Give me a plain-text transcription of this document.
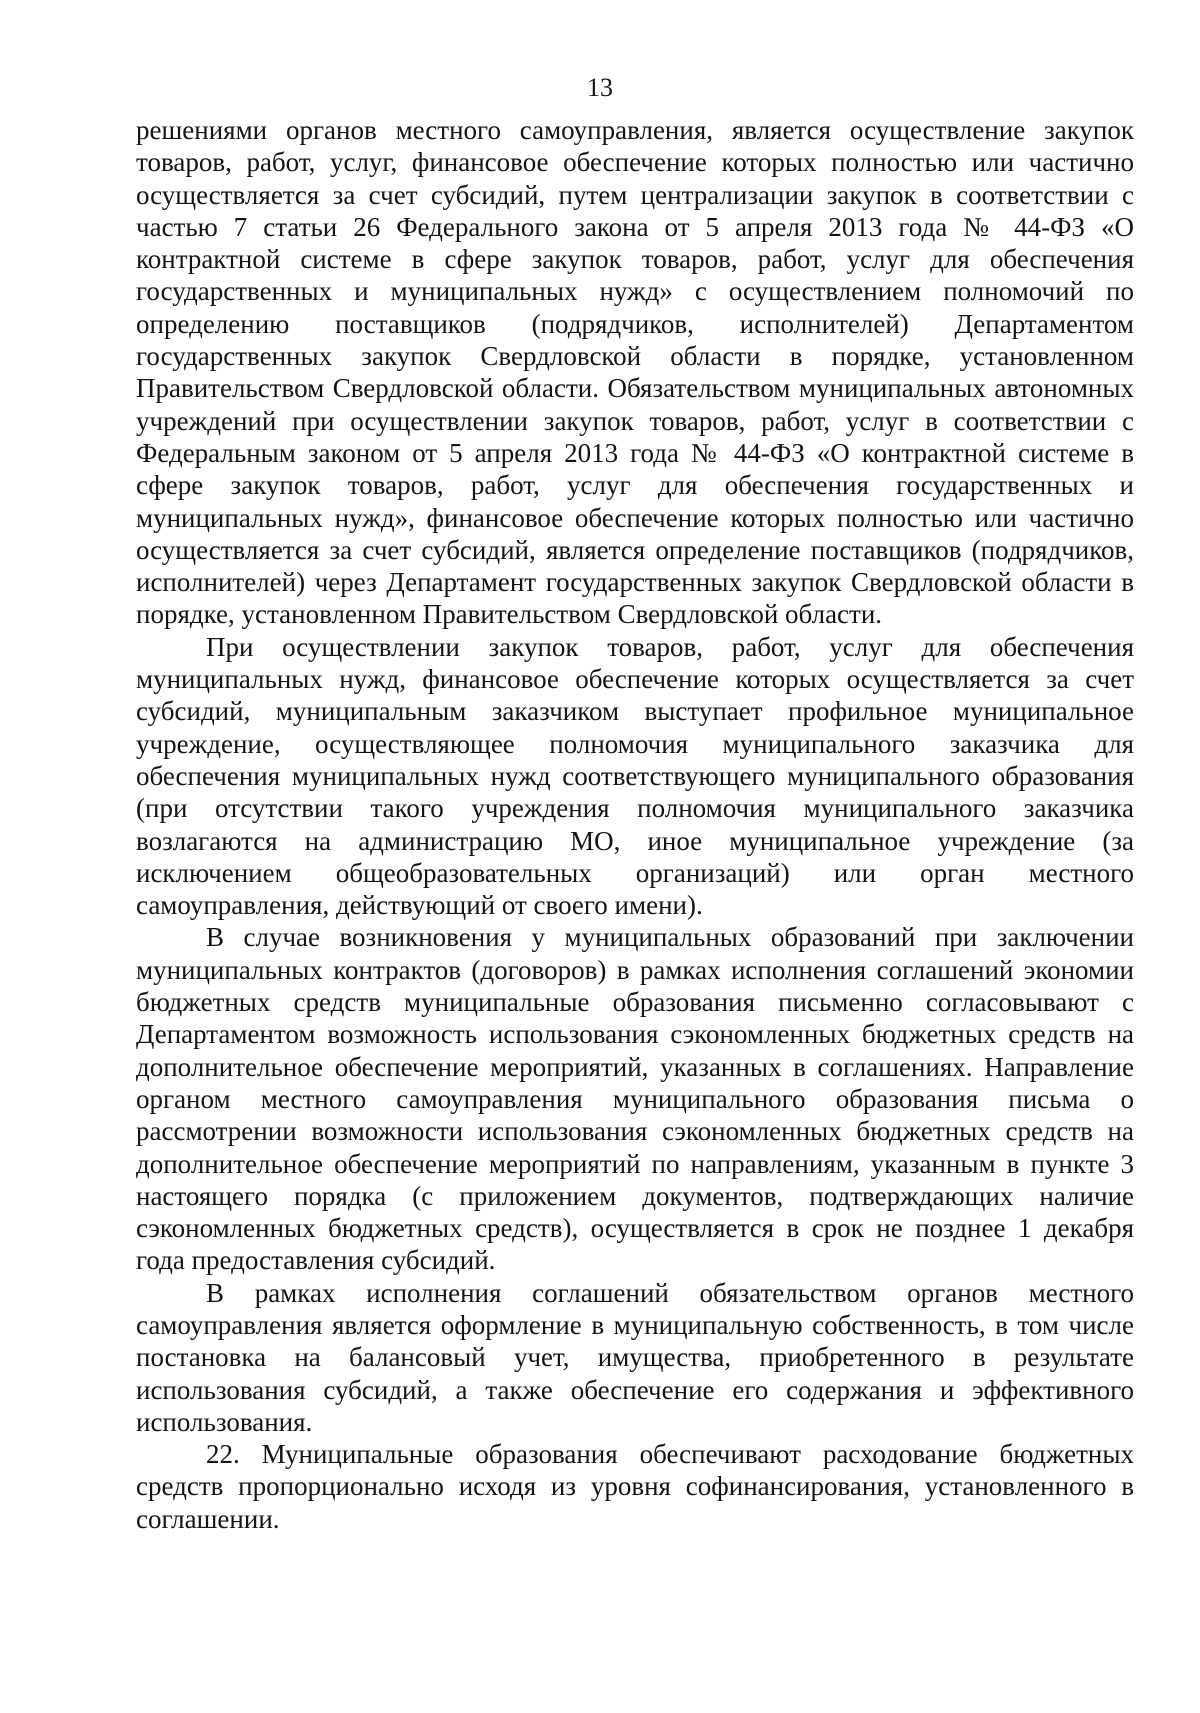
13

решениями органов местного самоуправления, является осуществление закупок товаров, работ, услуг, финансовое обеспечение которых полностью или частично осуществляется за счет субсидий, путем централизации закупок в соответствии с частью 7 статьи 26 Федерального закона от 5 апреля 2013 года № 44-ФЗ «О контрактной системе в сфере закупок товаров, работ, услуг для обеспечения государственных и муниципальных нужд» с осуществлением полномочий по определению поставщиков (подрядчиков, исполнителей) Департаментом государственных закупок Свердловской области в порядке, установленном Правительством Свердловской области. Обязательством муниципальных автономных учреждений при осуществлении закупок товаров, работ, услуг в соответствии с Федеральным законом от 5 апреля 2013 года № 44-ФЗ «О контрактной системе в сфере закупок товаров, работ, услуг для обеспечения государственных и муниципальных нужд», финансовое обеспечение которых полностью или частично осуществляется за счет субсидий, является определение поставщиков (подрядчиков, исполнителей) через Департамент государственных закупок Свердловской области в порядке, установленном Правительством Свердловской области.

При осуществлении закупок товаров, работ, услуг для обеспечения муниципальных нужд, финансовое обеспечение которых осуществляется за счет субсидий, муниципальным заказчиком выступает профильное муниципальное учреждение, осуществляющее полномочия муниципального заказчика для обеспечения муниципальных нужд соответствующего муниципального образования (при отсутствии такого учреждения полномочия муниципального заказчика возлагаются на администрацию МО, иное муниципальное учреждение (за исключением общеобразовательных организаций) или орган местного самоуправления, действующий от своего имени).

В случае возникновения у муниципальных образований при заключении муниципальных контрактов (договоров) в рамках исполнения соглашений экономии бюджетных средств муниципальные образования письменно согласовывают с Департаментом возможность использования сэкономленных бюджетных средств на дополнительное обеспечение мероприятий, указанных в соглашениях. Направление органом местного самоуправления муниципального образования письма о рассмотрении возможности использования сэкономленных бюджетных средств на дополнительное обеспечение мероприятий по направлениям, указанным в пункте 3 настоящего порядка (с приложением документов, подтверждающих наличие сэкономленных бюджетных средств), осуществляется в срок не позднее 1 декабря года предоставления субсидий.

В рамках исполнения соглашений обязательством органов местного самоуправления является оформление в муниципальную собственность, в том числе постановка на балансовый учет, имущества, приобретенного в результате использования субсидий, а также обеспечение его содержания и эффективного использования.

22. Муниципальные образования обеспечивают расходование бюджетных средств пропорционально исходя из уровня софинансирования, установленного в соглашении.
